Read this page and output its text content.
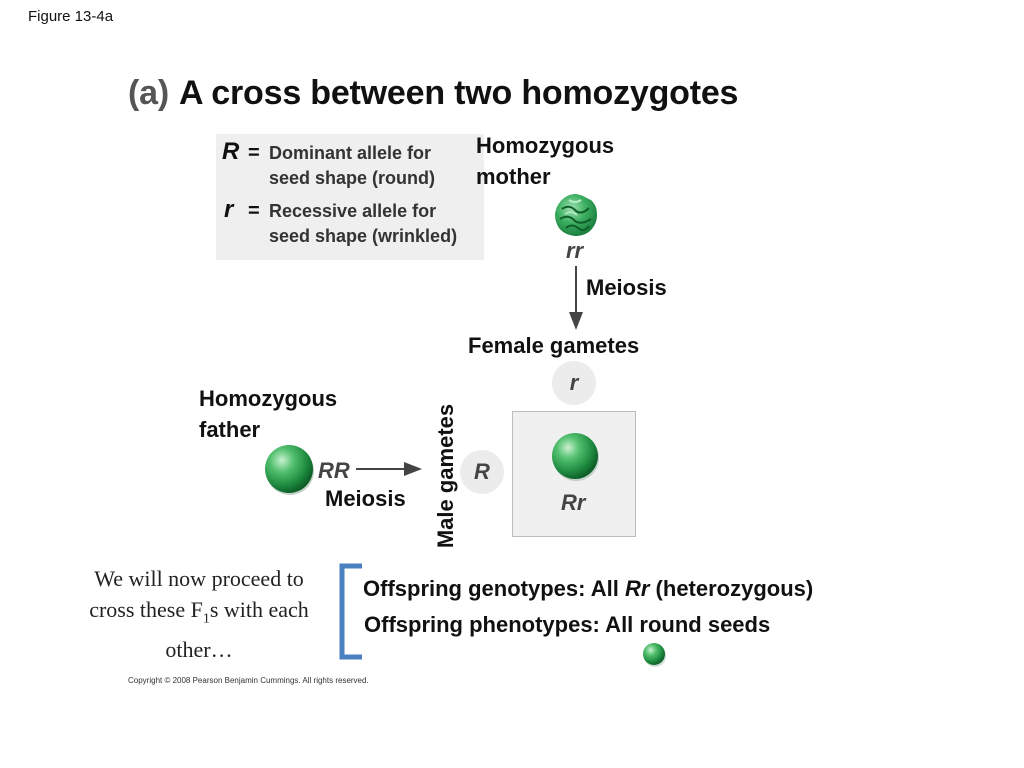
Figure 13-4a
(a) A cross between two homozygotes
R = Dominant allele for
seed shape (round)
r = Recessive allele for
seed shape (wrinkled)
Homozygous
mother
rr
Meiosis
Female gametes
r
Homozygous
father
RR
Meiosis Male gametes R
Rr
We will now proceed to cross these $F_1s$ with each other…
Offspring genotypes: All Rr (heterozygous)
Offspring phenotypes: All round seeds
Copyright © 2008 Pearson Benjamin Cummings. All rights reserved.
